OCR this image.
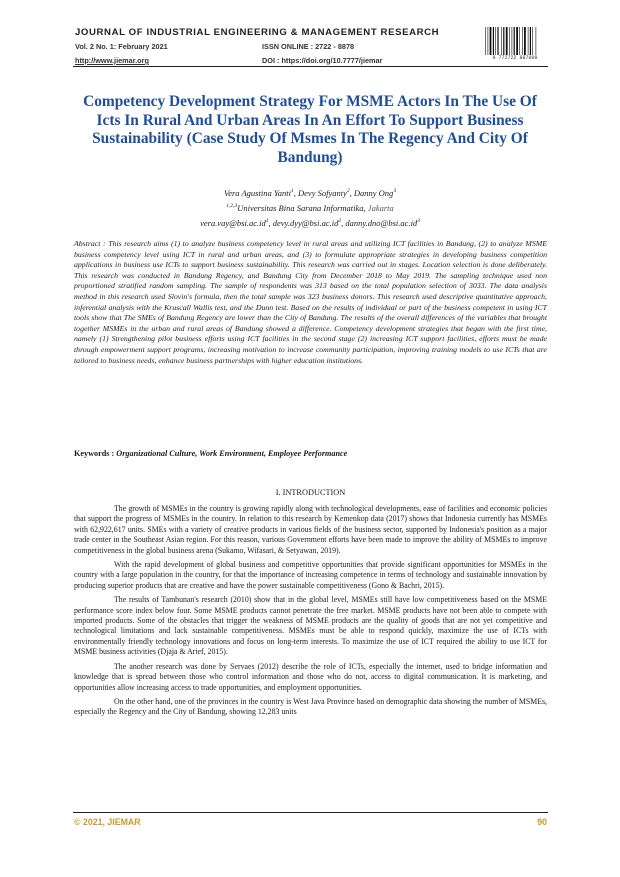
JOURNAL OF INDUSTRIAL ENGINEERING & MANAGEMENT RESEARCH
Vol. 2 No. 1: February 2021	ISSN ONLINE : 2722 - 8878
http://www.jiemar.org	DOI : https://doi.org/10.7777/jiemar	9 772722 887009
Competency Development Strategy For MSME Actors In The Use Of Icts In Rural And Urban Areas In An Effort To Support Business Sustainability (Case Study Of Msmes In The Regency And City Of Bandung)
Vera Agustina Yanti$^1$, Devy Sofyanty$^2$, Danny Ong$^3$
$^{1,2,3}$Universitas Bina Sarana Informatika, Jakarta
$vera.vay@bsi.ac.id^1$, $devy.dyy@bsi.ac.id^2$, $danny.dno@bsi.ac.id^3$
Abstract : This research aims (1) to analyze business competency level in rural areas and utilizing ICT facilities in Bandung, (2) to analyze MSME business competency level using ICT in rural and urban areas, and (3) to formulate appropriate strategies in developing business competition applications in business use ICTs to support business sustainability. This research was carried out in stages. Location selection is done deliberately. This research was conducted in Bandung Regency, and Bandung City from December 2018 to May 2019. The sampling technique used non proportioned stratified random sampling. The sample of respondents was 313 based on the total population selection of 3033. The data analysis method in this research used Slovin's formula, then the total sample was 323 business donors. This research used descriptive quantitative approach, inferential analysis with the Kruscall Wallis test, and the Dunn test. Based on the results of individual or part of the business competent in using ICT tools show that The SMEs of Bandung Regency are lower than the City of Bandung. The results of the overall differences of the variables that brought together MSMEs in the urban and rural areas of Bandung showed a difference. Competency development strategies that began with the first time, namely (1) Strengthening pilot business efforts using ICT facilities in the second stage (2) increasing ICT support facilities, efforts must be made through empowerment support programs, increasing motivation to increase community participation, improving training models to use ICTs that are tailored to business needs, enhance business partnerships with higher education institutions.
Keywords : Organizational Culture, Work Environment, Employee Performance
I. INTRODUCTION

The growth of MSMEs in the country is growing rapidly along with technological developments, ease of facilities and economic policies that support the progress of MSMEs in the country. In relation to this research by Kemenkop data (2017) shows that Indonesia currently has MSMEs with 62,922,617 units. SMEs with a variety of creative products in various fields of the business sector, supported by Indonesia's position as a major trade center in the Southeast Asian region. For this reason, various Government efforts have been made to improve the ability of MSMEs to improve competitiveness in the global business arena (Sukamo, Wifasari, & Setyawan, 2019).

With the rapid development of global business and competitive opportunities that provide significant opportunities for MSMEs in the country with a large population in the country, for that the importance of increasing competence in terms of technology and sustainable innovation by producing superior products that are creative and have the power sustainable competitiveness (Gono & Bachri, 2015).

The results of Tambunan's research (2010) show that in the global level, MSMEs still have low competitiveness based on the MSME performance score index below four. Some MSME products cannot penetrate the free market. MSME products have not been able to compete with imported products. Some of the obstacles that trigger the weakness of MSME products are the quality of goods that are not yet competitive and technological limitations and lack sustainable competitiveness. MSMEs must be able to respond quickly, maximize the use of ICTs with environmentally friendly technology innovations and focus on long-term interests. To maximize the use of ICT required the ability to use ICT for MSME business activities (Djaja & Arief, 2015).

The another research was done by Servaes (2012) describe the role of ICTs, especially the internet, used to bridge information and knowledge that is spread between those who control information and those who do not, access to digital communication. It is marketing, and opportunities allow increasing access to trade opportunities, and employment opportunities.

On the other hand, one of the provinces in the country is West Java Province based on demographic data showing the number of MSMEs, especially the Regency and the City of Bandung, showing 12,283 units

© 2021, JIEMAR	90
